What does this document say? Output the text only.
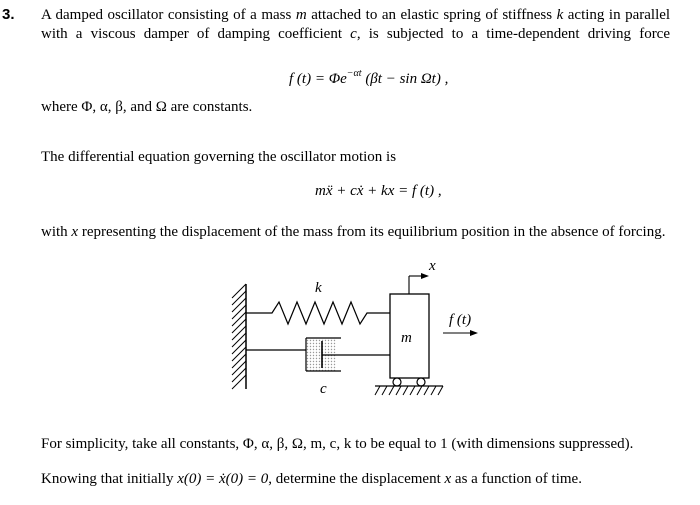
3. A damped oscillator consisting of a mass m attached to an elastic spring of stiffness k acting in parallel
with a viscous damper of damping coefficient c, is subjected to a time-dependent driving force
f $(t) = \Phi e^{-\alpha t}$ (βt − sin Ωt) ,
where Φ, α, β, and Ω are constants.
The differential equation governing the oscillator motion is
mẍ + cẋ + kx = f (t) ,
with x representing the displacement of the mass from its equilibrium position in the absence of forcing.
k
c
m
x
f (t)
For simplicity, take all constants, Φ, α, β, Ω, m, c, k to be equal to 1 (with dimensions suppressed).
Knowing that initially x(0) = ẋ(0) = 0, determine the displacement x as a function of time.
